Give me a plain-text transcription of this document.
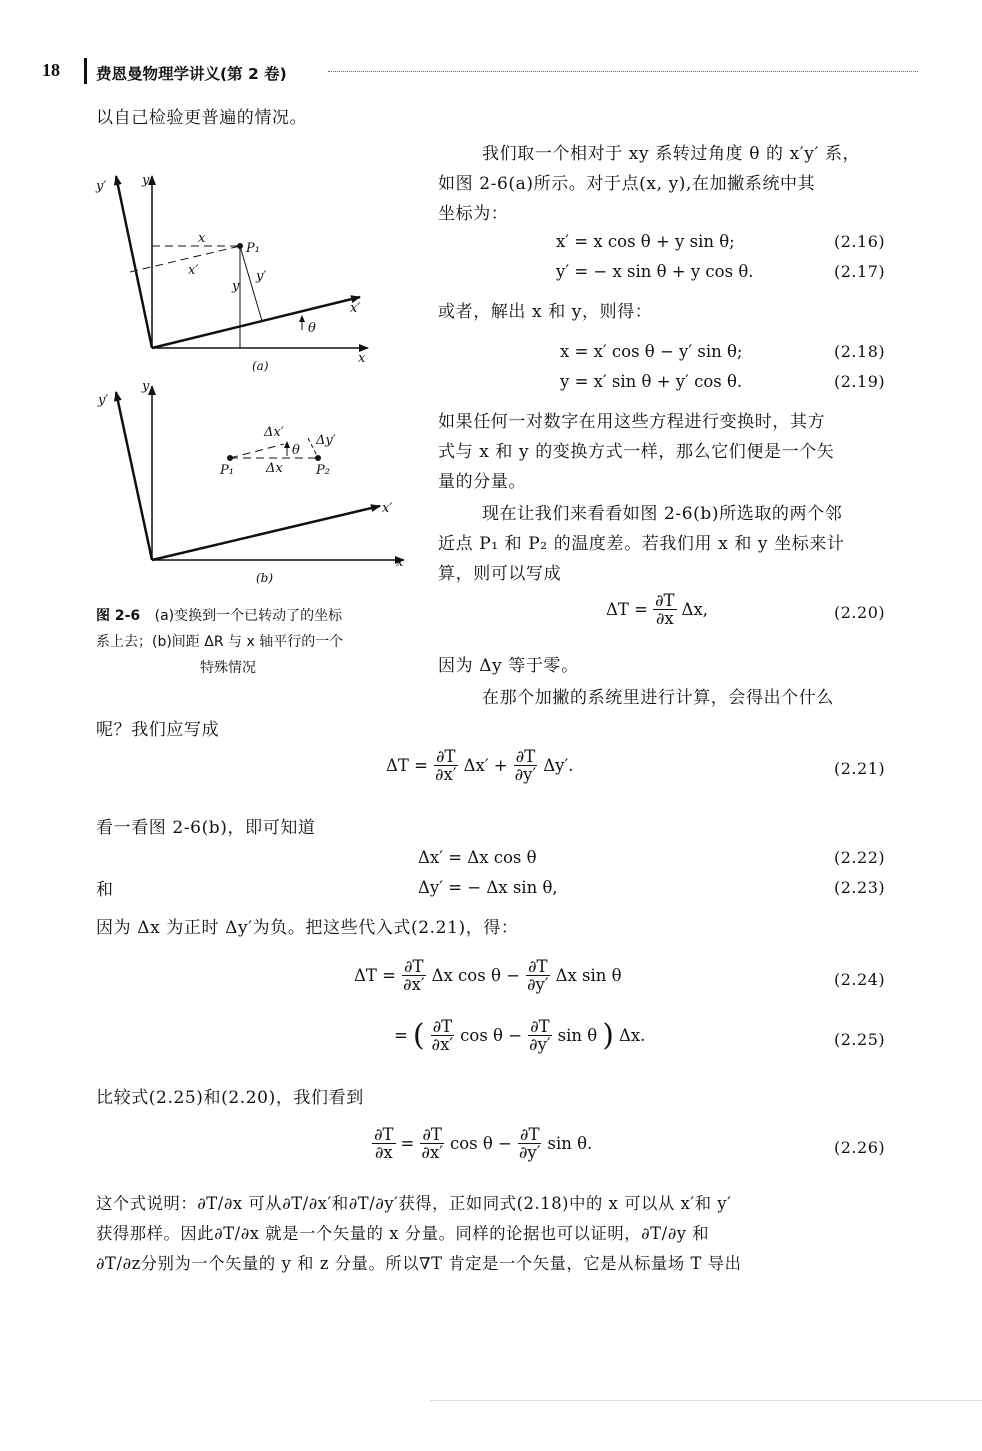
18 费恩曼物理学讲义(第 2 卷)
以自己检验更普遍的情况。
我们取一个相对于 xy 系转过角度 θ 的 x′y′ 系，
如图 2-6(a)所示。对于点(x, y),在加撇系统中其
坐标为：
x′ = x cos θ + y sin θ;	(2.16)
y′ = − x sin θ + y cos θ.	(2.17)
或者，解出 x 和 y，则得：
x = x′ cos θ − y′ sin θ;	(2.18)
y = x′ sin θ + y′ cos θ.	(2.19)
如果任何一对数字在用这些方程进行变换时，其方
式与 x 和 y 的变换方式一样，那么它们便是一个矢
量的分量。
现在让我们来看看如图 2-6(b)所选取的两个邻
近点 P₁ 和 P₂ 的温度差。若我们用 x 和 y 坐标来计
算，则可以写成
$\Delta T = \frac{\partial T}{\partial x} \Delta x$,	(2.20)
因为 Δy 等于零。
在那个加撇的系统里进行计算，会得出个什么
呢？我们应写成
$\Delta T = \frac{\partial T}{\partial x'} \Delta x' + \frac{\partial T}{\partial y'} \Delta y'$.	(2.21)
看一看图 2-6(b)，即可知道
Δx′ = Δx cos θ	(2.22)
和	Δy′ = − Δx sin θ,	(2.23)
因为 Δx 为正时 Δy′为负。把这些代入式(2.21)，得：
$\Delta T = \frac{\partial T}{\partial x'}$ Δx $\cos \theta - \frac{\partial T}{\partial y'}$ Δx sin θ	(2.24)
= ( $\frac{\partial T}{\partial x'}$ $\cos \theta - \frac{\partial T}{\partial y'}$ sin θ ) Δx.	(2.25)
比较式(2.25)和(2.20)，我们看到
$\frac{\partial T}{\partial x} = \frac{\partial T}{\partial x'}$ $\cos \theta - \frac{\partial T}{\partial y'}$ sin θ.	(2.26)
这个式说明：∂T/∂x 可从∂T/∂x′和∂T/∂y′获得，正如同式(2.18)中的 x 可以从 x′和 y′
获得那样。因此∂T/∂x 就是一个矢量的 x 分量。同样的论据也可以证明，∂T/∂y 和
∂T/∂z分别为一个矢量的 y 和 z 分量。所以∇T 肯定是一个矢量，它是从标量场 T 导出
y′	y
x
P₁
x′	y′
y
x′
θ
x
(a)
y′
y
Δx′
θ
Δy′
Δx
P₁	P₂
x′
x
(b)
图 2-6 (a)变换到一个已转动了的坐标
系上去；(b)间距 ΔR 与 x 轴平行的一个
特殊情况
